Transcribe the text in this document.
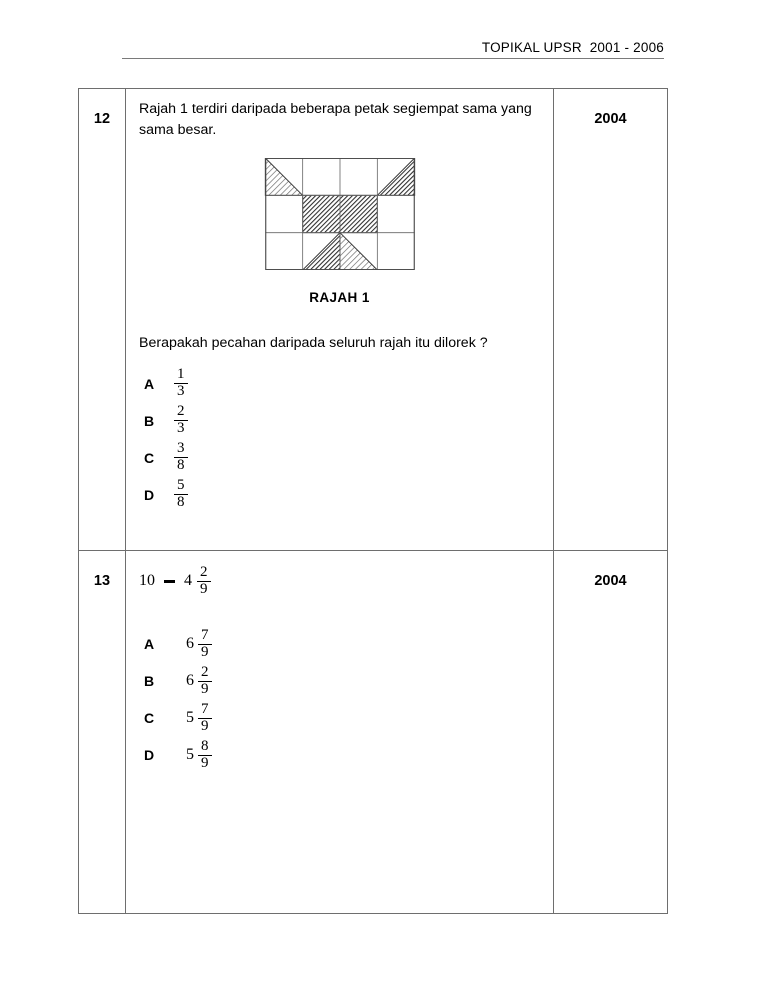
TOPIKAL UPSR  2001 - 2006
12

Rajah 1 terdiri daripada beberapa petak segiempat sama yang sama besar.
RAJAH 1
Berapakah pecahan daripada seluruh rajah itu dilorek ?
A	$\frac{1}{3}$
B	$\frac{2}{3}$
C	$\frac{3}{8}$
D	$\frac{5}{8}$

2004

13	10 $4 \frac{2}{9}$
A	$6 \frac{7}{9}$
B	$6 \frac{2}{9}$
C	$5 \frac{7}{9}$
D	$5 \frac{8}{9}$

2004
